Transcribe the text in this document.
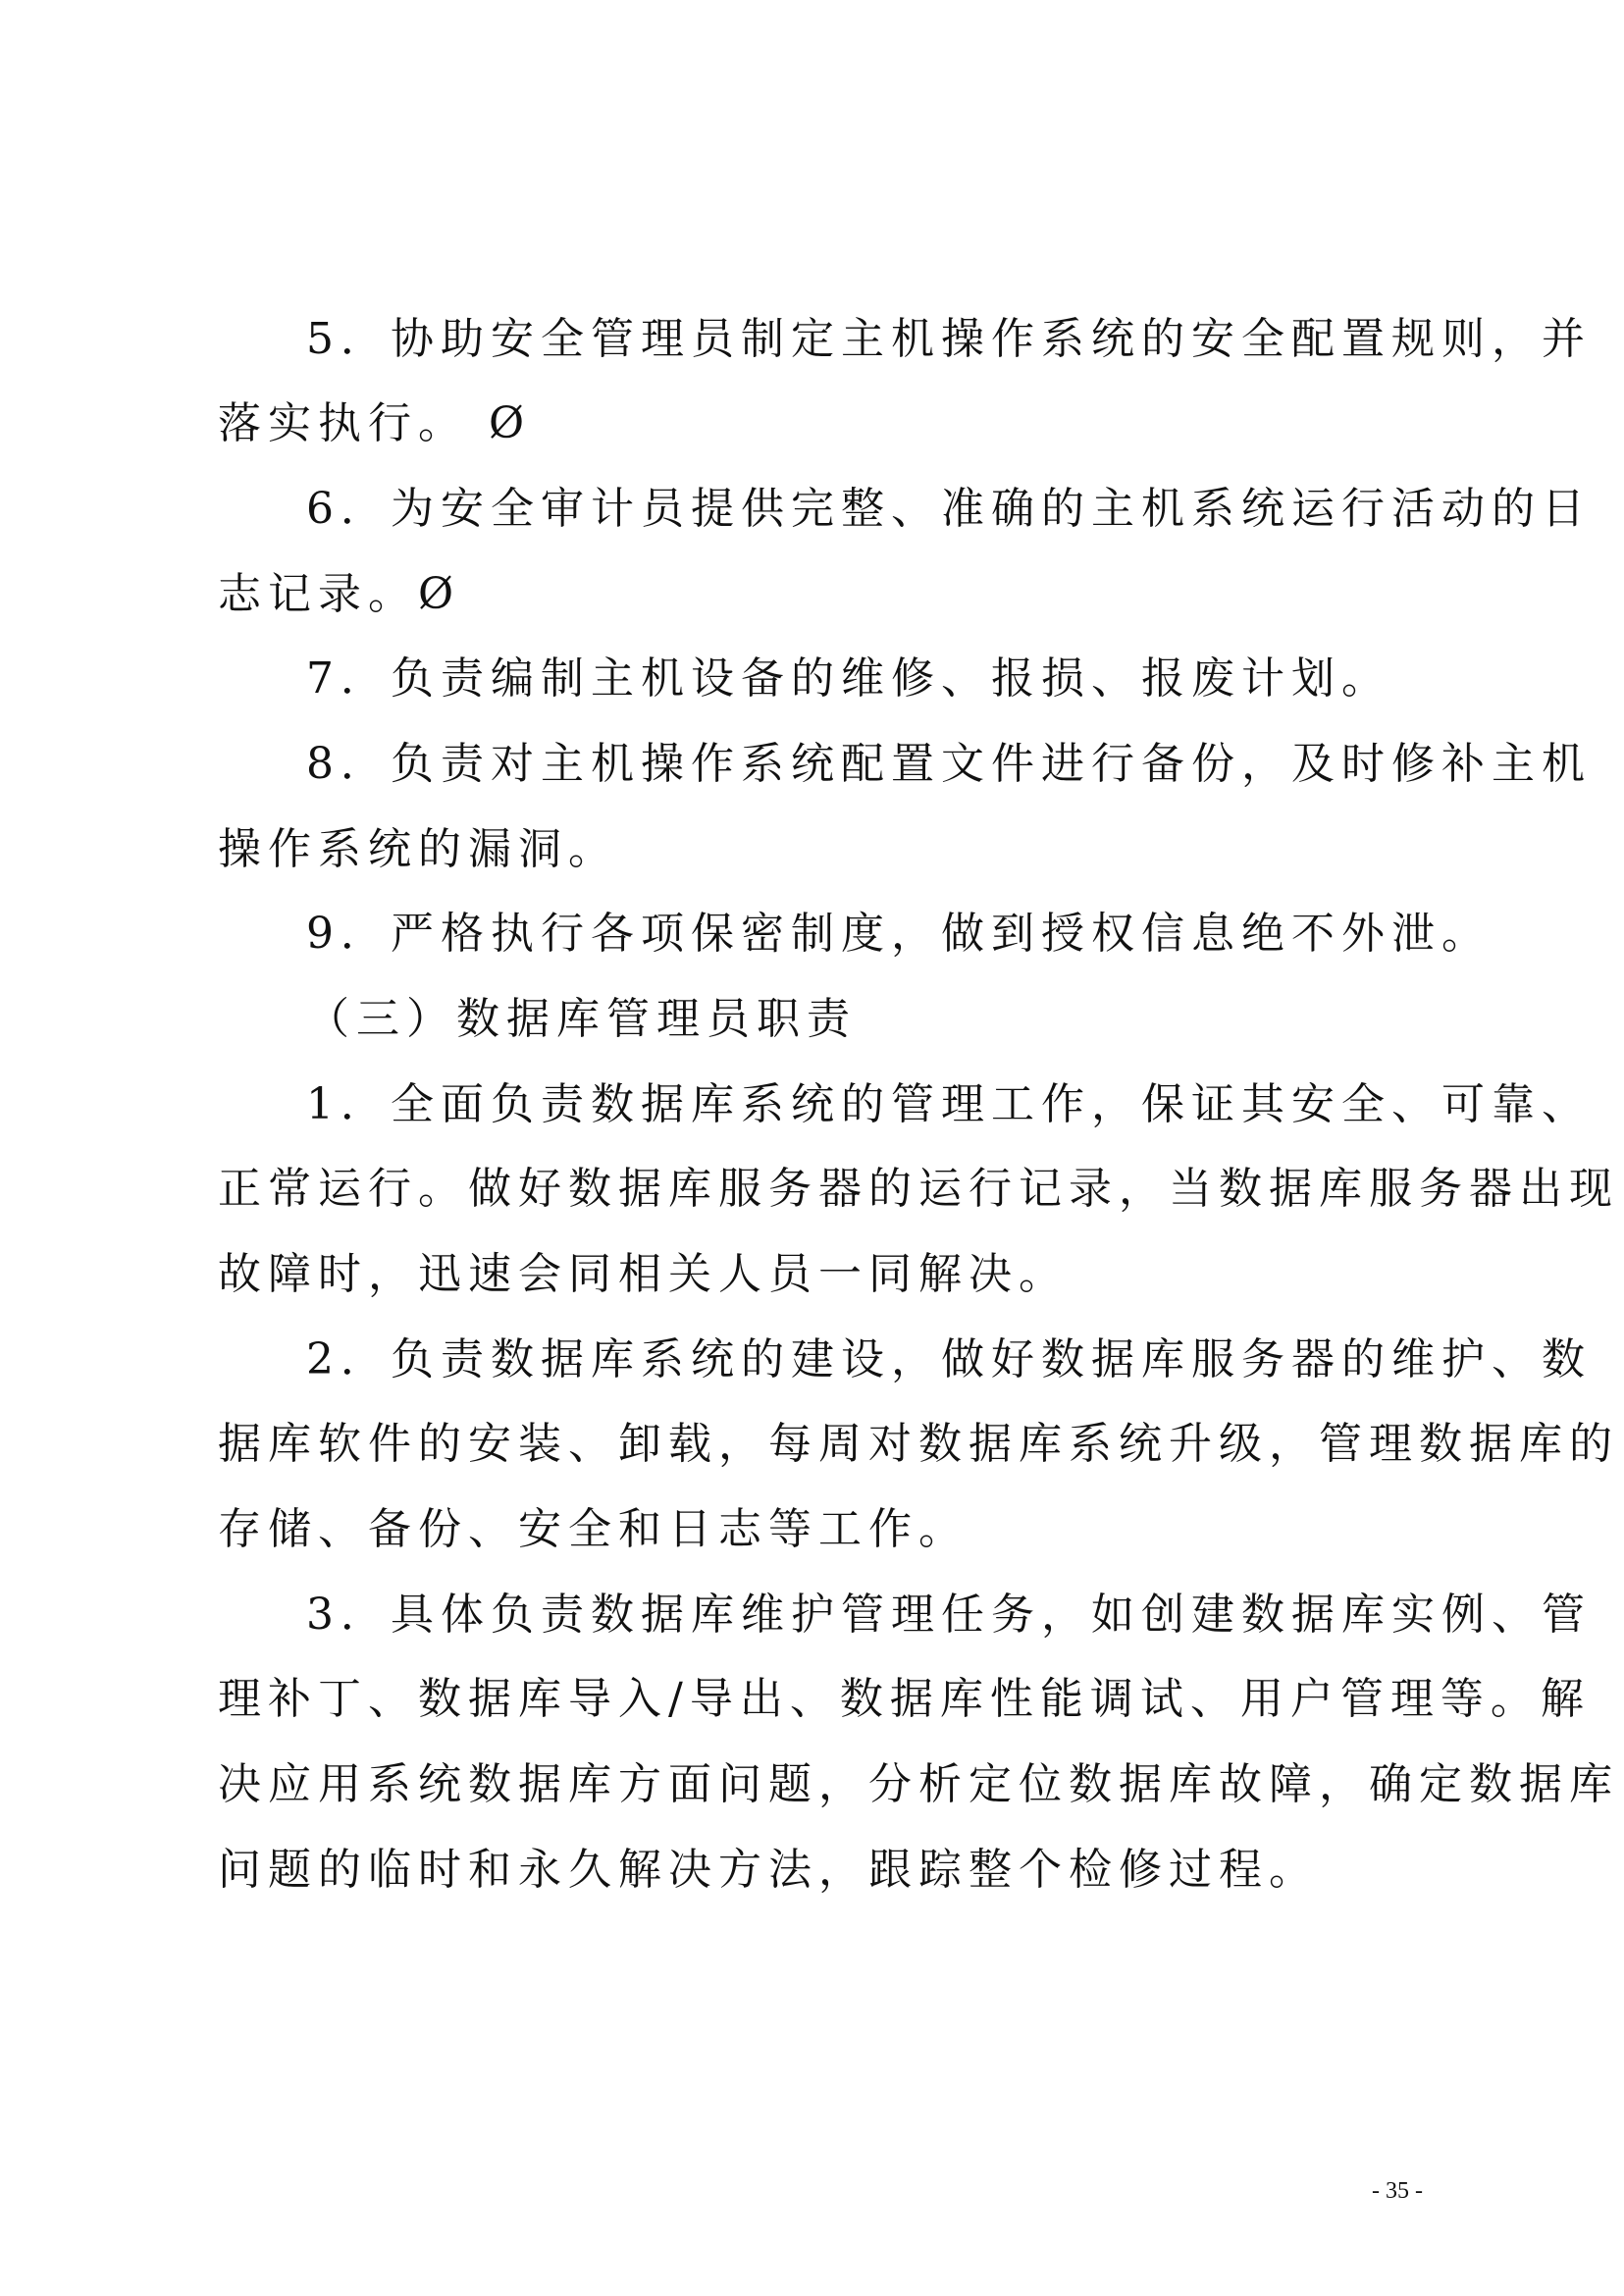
5．协助安全管理员制定主机操作系统的安全配置规则，并
落实执行。 Ø
6．为安全审计员提供完整、准确的主机系统运行活动的日
志记录。Ø
7．负责编制主机设备的维修、报损、报废计划。
8．负责对主机操作系统配置文件进行备份，及时修补主机
操作系统的漏洞。
9．严格执行各项保密制度，做到授权信息绝不外泄。
（三）数据库管理员职责
1．全面负责数据库系统的管理工作，保证其安全、可靠、
正常运行。做好数据库服务器的运行记录，当数据库服务器出现
故障时，迅速会同相关人员一同解决。
2．负责数据库系统的建设，做好数据库服务器的维护、数
据库软件的安装、卸载，每周对数据库系统升级，管理数据库的
存储、备份、安全和日志等工作。
3．具体负责数据库维护管理任务，如创建数据库实例、管
理补丁、数据库导入/导出、数据库性能调试、用户管理等。解
决应用系统数据库方面问题，分析定位数据库故障，确定数据库
问题的临时和永久解决方法，跟踪整个检修过程。
- 35 -
